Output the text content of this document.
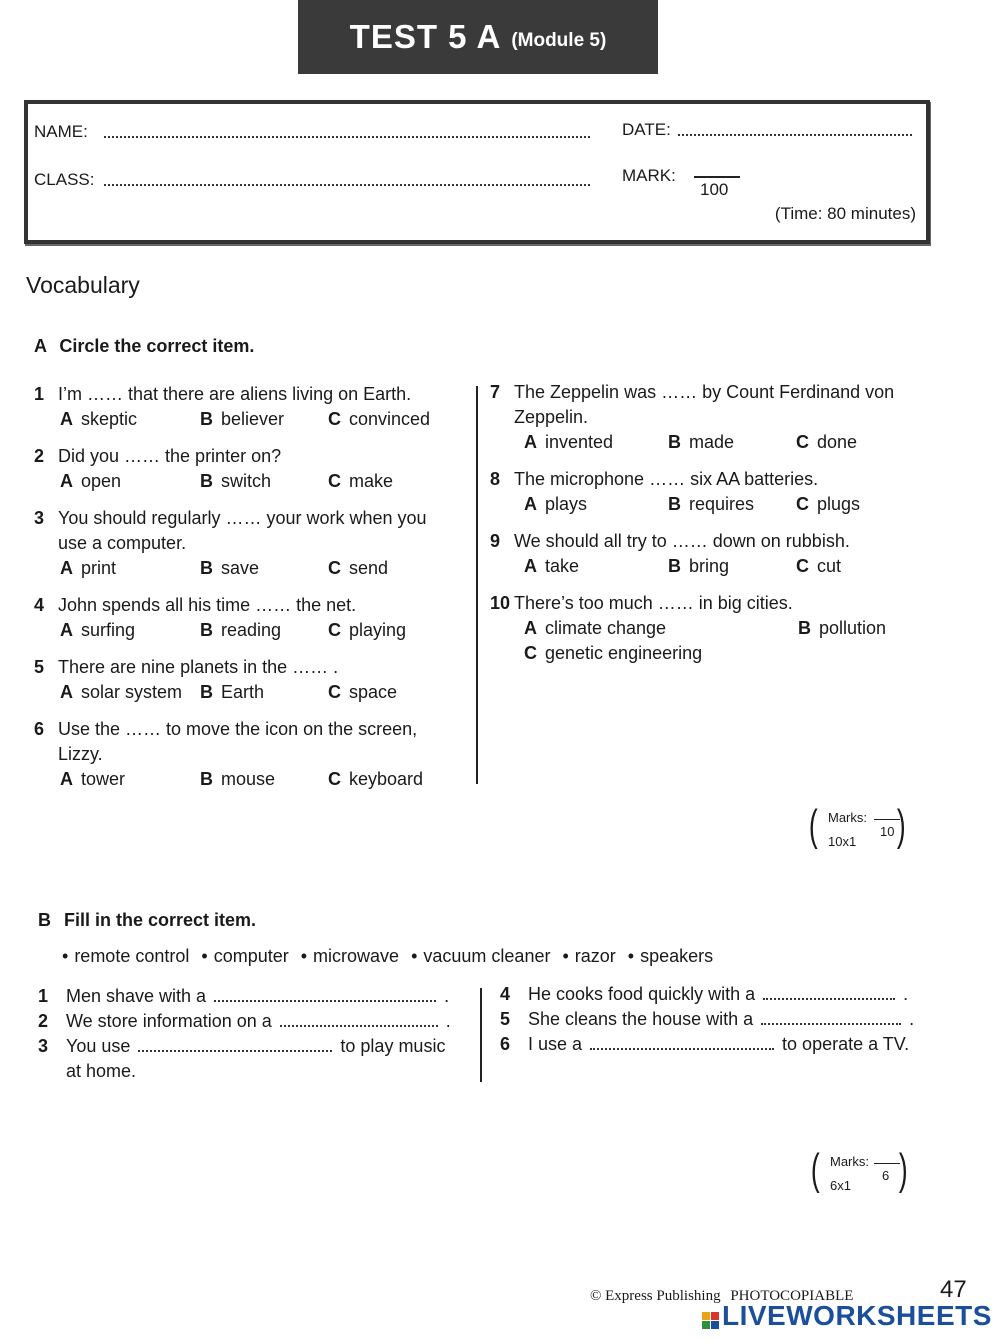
TEST 5 A (Module 5)
NAME:	DATE:
CLASS:	MARK:
100
(Time: 80 minutes)
Vocabulary
A Circle the correct item.
1 I’m …… that there are aliens living on Earth.
A skeptic	B believer C convinced
2 Did you …… the printer on?
A open	B switch	C make
3 You should regularly …… your work when you
use a computer.
A print	B save	C send
4 John spends all his time …… the net.
A surfing	B reading	C playing
5 There are nine planets in the …… .
A solar system B Earth	C space
6 Use the …… to move the icon on the screen,
Lizzy.
A tower	B mouse	C keyboard
7 The Zeppelin was …… by Count Ferdinand von
Zeppelin.
A invented	B made	C done
8 The microphone …… six AA batteries.
A plays	B requires C plugs
9 We should all try to …… down on rubbish.
A take	B bring	C cut
10 There’s too much …… in big cities.
A climate change	B pollution
C genetic engineering
( Marks:
10
10x1 )
B Fill in the correct item.
• remote control • computer • microwave • vacuum cleaner • razor • speakers
1 Men shave with a	.
2 We store information on a	.
3 You use	to play music
at home.
4 He cooks food quickly with a	.
5 She cleans the house with a	.
6 I use a	to operate a TV.
( Marks:
6
6x1 )
© Express Publishing PHOTOCOPIABLE	47
LIVEWORKSHEETS
